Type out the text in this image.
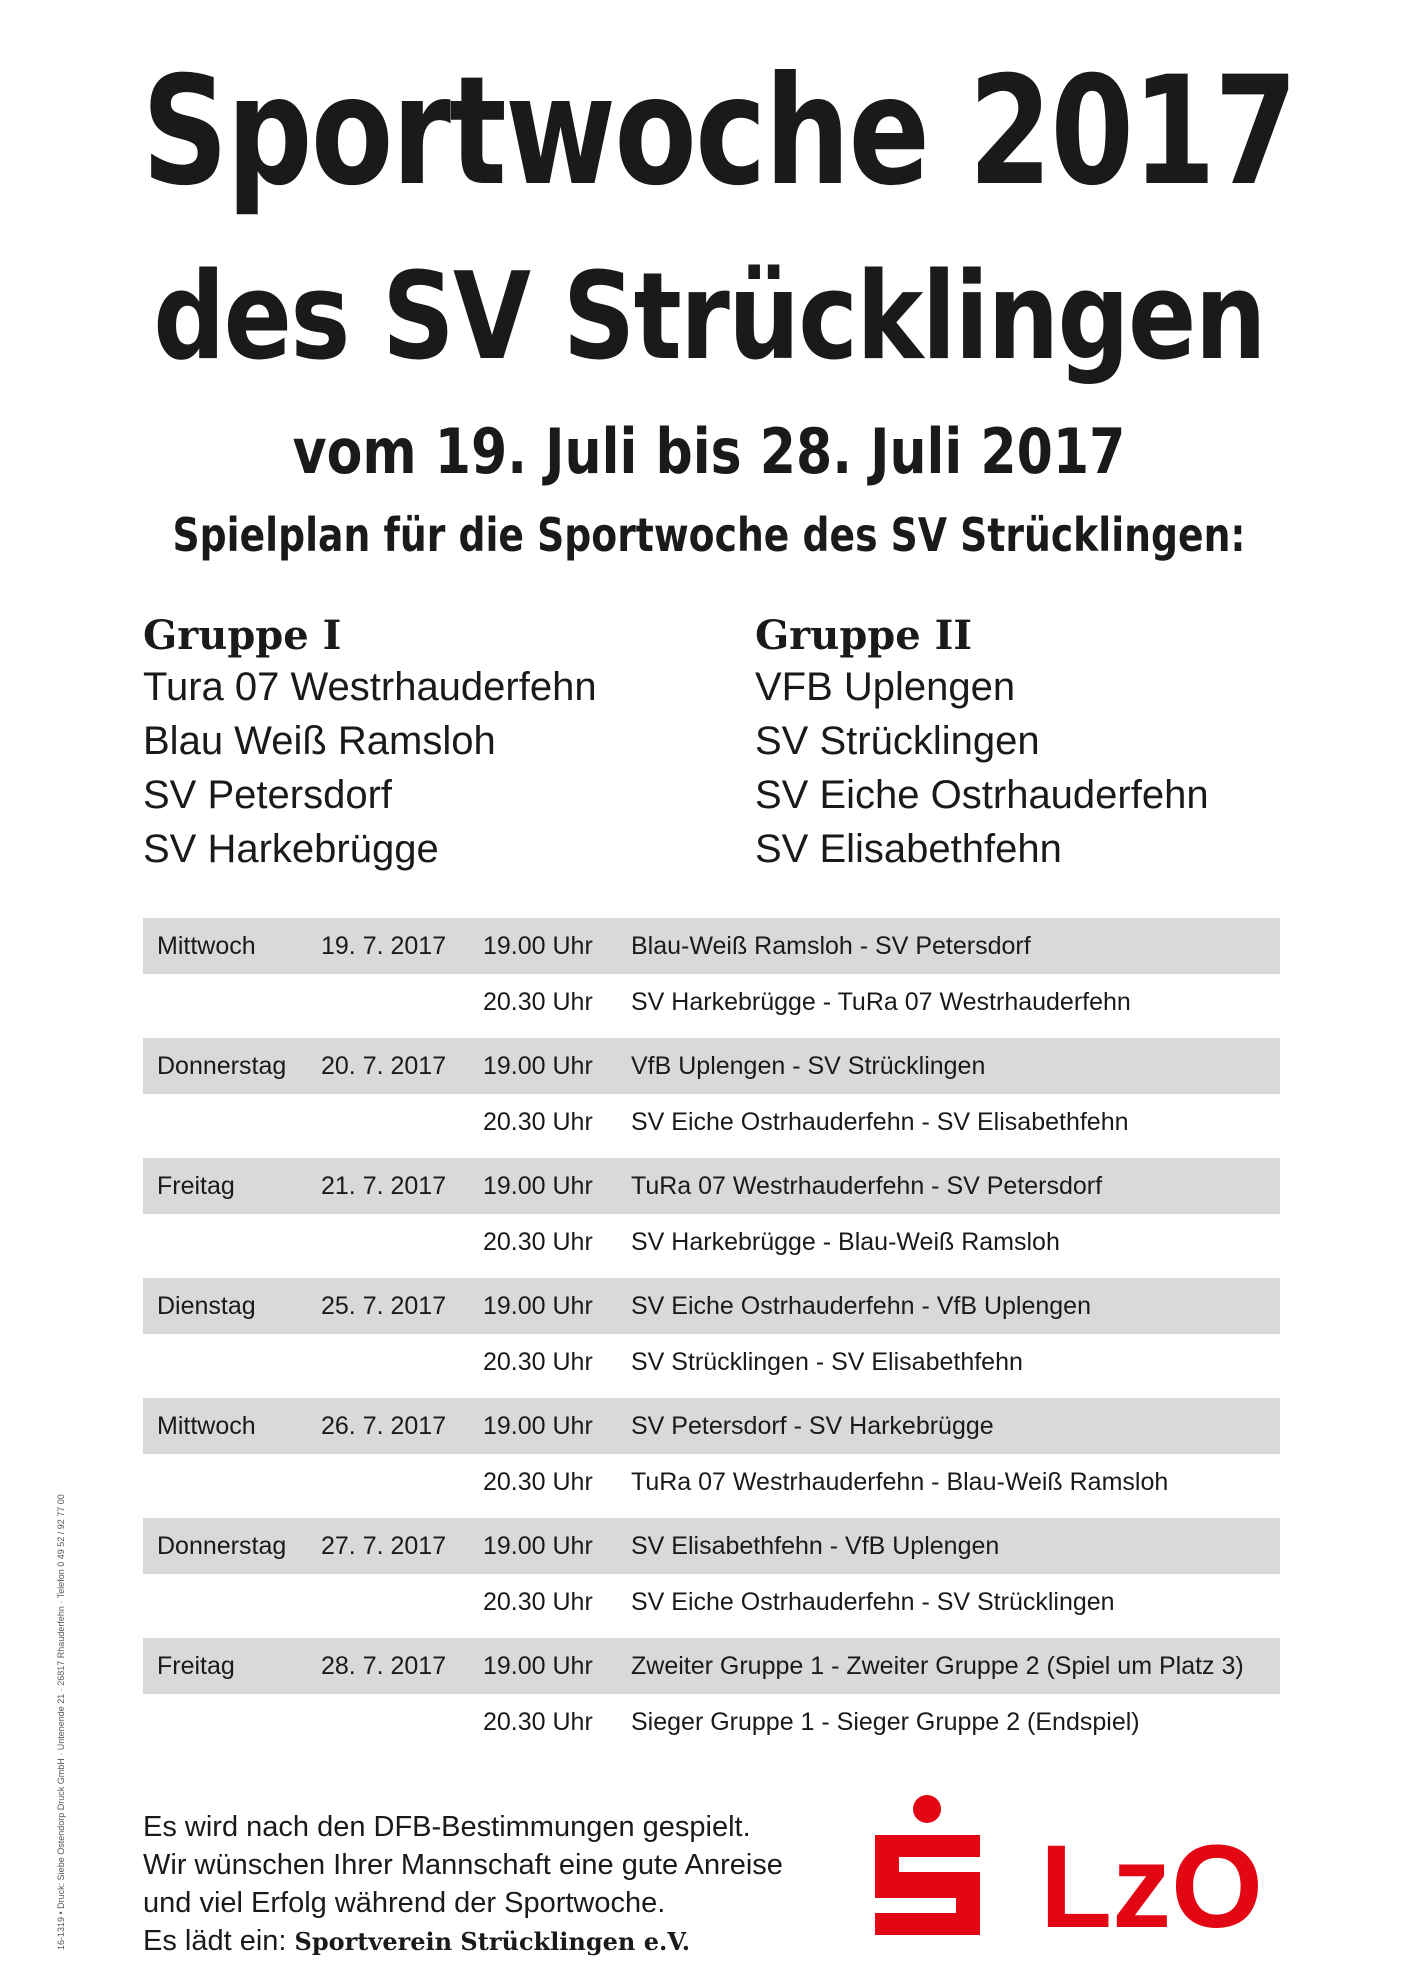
Sportwoche 2017
des SV Strücklingen
vom 19. Juli bis 28. Juli 2017
Spielplan für die Sportwoche des SV Strücklingen:
Gruppe I
Tura 07 Westrhauderfehn
Blau Weiß Ramsloh
SV Petersdorf
SV Harkebrügge
Gruppe II
VFB Uplengen
SV Strücklingen
SV Eiche Ostrhauderfehn
SV Elisabethfehn
Mittwoch	19. 7. 2017 19.00 Uhr Blau-Weiß Ramsloh - SV Petersdorf
20.30 Uhr SV Harkebrügge - TuRa 07 Westrhauderfehn
Donnerstag 20. 7. 2017 19.00 Uhr VfB Uplengen - SV Strücklingen
20.30 Uhr SV Eiche Ostrhauderfehn - SV Elisabethfehn
Freitag	21. 7. 2017 19.00 Uhr TuRa 07 Westrhauderfehn - SV Petersdorf
20.30 Uhr SV Harkebrügge - Blau-Weiß Ramsloh
Dienstag	25. 7. 2017 19.00 Uhr SV Eiche Ostrhauderfehn - VfB Uplengen
20.30 Uhr SV Strücklingen - SV Elisabethfehn
Mittwoch	26. 7. 2017 19.00 Uhr SV Petersdorf - SV Harkebrügge
20.30 Uhr TuRa 07 Westrhauderfehn - Blau-Weiß Ramsloh
Donnerstag 27. 7. 2017 19.00 Uhr SV Elisabethfehn - VfB Uplengen
20.30 Uhr SV Eiche Ostrhauderfehn - SV Strücklingen
Freitag	28. 7. 2017 19.00 Uhr Zweiter Gruppe 1 - Zweiter Gruppe 2 (Spiel um Platz 3)
20.30 Uhr Sieger Gruppe 1 - Sieger Gruppe 2 (Endspiel)
Es wird nach den DFB-Bestimmungen gespielt.
Wir wünschen Ihrer Mannschaft eine gute Anreise
und viel Erfolg während der Sportwoche.
Es lädt ein: Sportverein Strücklingen e.V.	LzO
16-1319 • Druck: Siebe Ostendorp Druck GmbH · Untenende 21 · 26817 Rhauderfehn · Telefon 0 49 52 / 92 77 00
